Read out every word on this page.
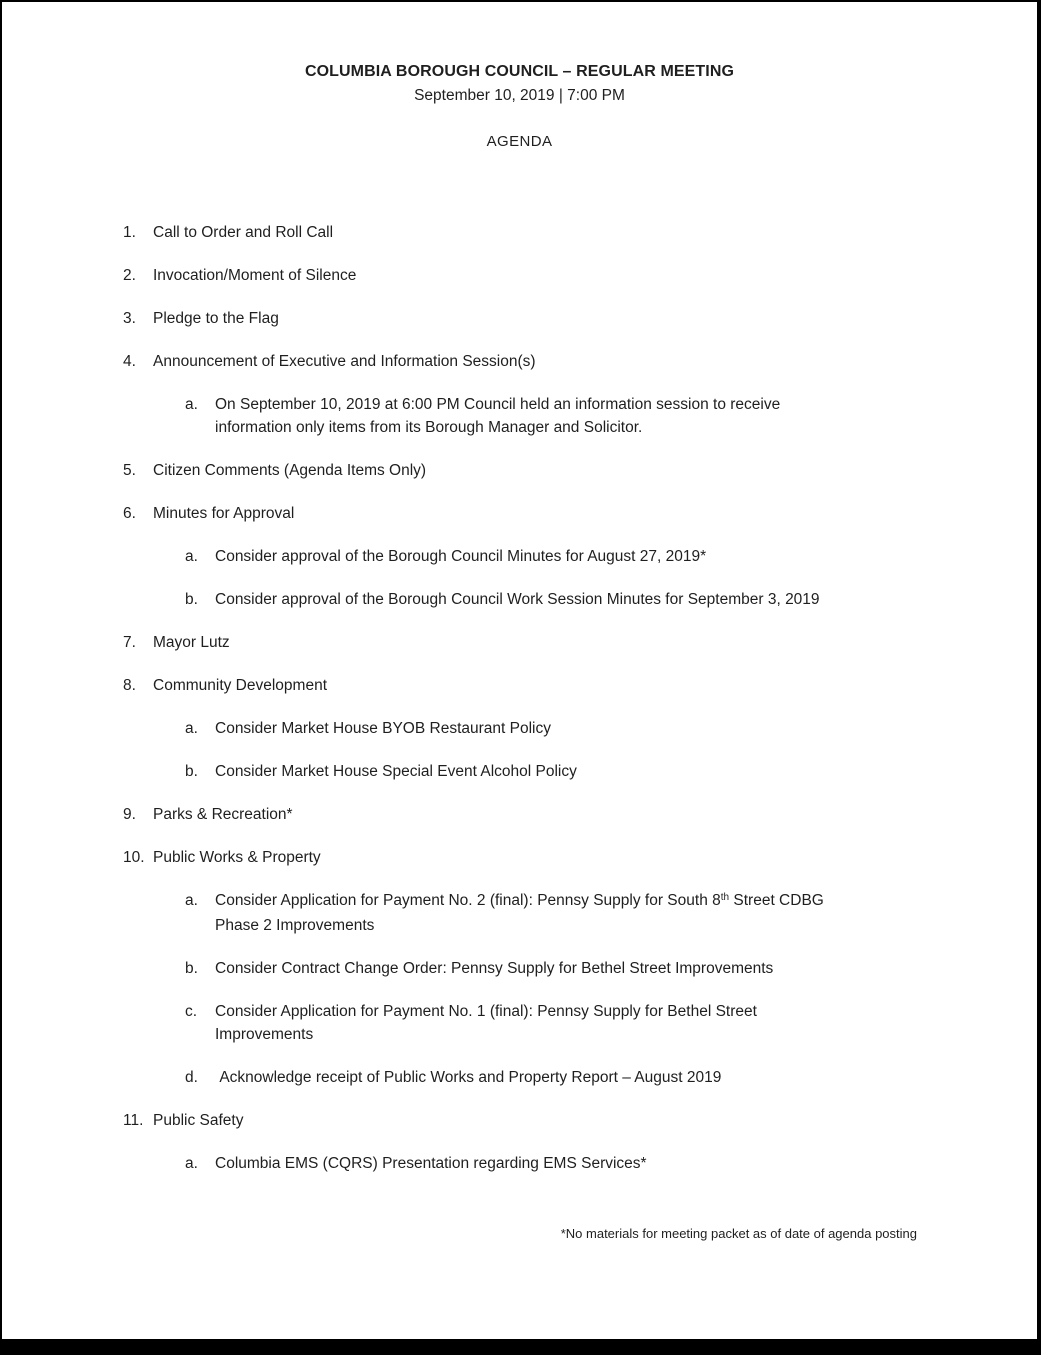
COLUMBIA BOROUGH COUNCIL – REGULAR MEETING
September 10, 2019 | 7:00 PM
AGENDA
1.	Call to Order and Roll Call
2.	Invocation/Moment of Silence
3.	Pledge to the Flag
4.	Announcement of Executive and Information Session(s)
a.	On September 10, 2019 at 6:00 PM Council held an information session to receive
information only items from its Borough Manager and Solicitor.
5.	Citizen Comments (Agenda Items Only)
6.	Minutes for Approval
a.	Consider approval of the Borough Council Minutes for August 27, 2019*
b.	Consider approval of the Borough Council Work Session Minutes for September 3, 2019
7.	Mayor Lutz
8.	Community Development
a.	Consider Market House BYOB Restaurant Policy
b.	Consider Market House Special Event Alcohol Policy
9.	Parks & Recreation*
10. Public Works & Property
a.	Consider Application for Payment No. 2 (final): Pennsy Supply for South 8th Street CDBG
Phase 2 Improvements
b.	Consider Contract Change Order: Pennsy Supply for Bethel Street Improvements
c.	Consider Application for Payment No. 1 (final): Pennsy Supply for Bethel Street
Improvements
d.	Acknowledge receipt of Public Works and Property Report – August 2019
11. Public Safety
a.	Columbia EMS (CQRS) Presentation regarding EMS Services*
*No materials for meeting packet as of date of agenda posting
